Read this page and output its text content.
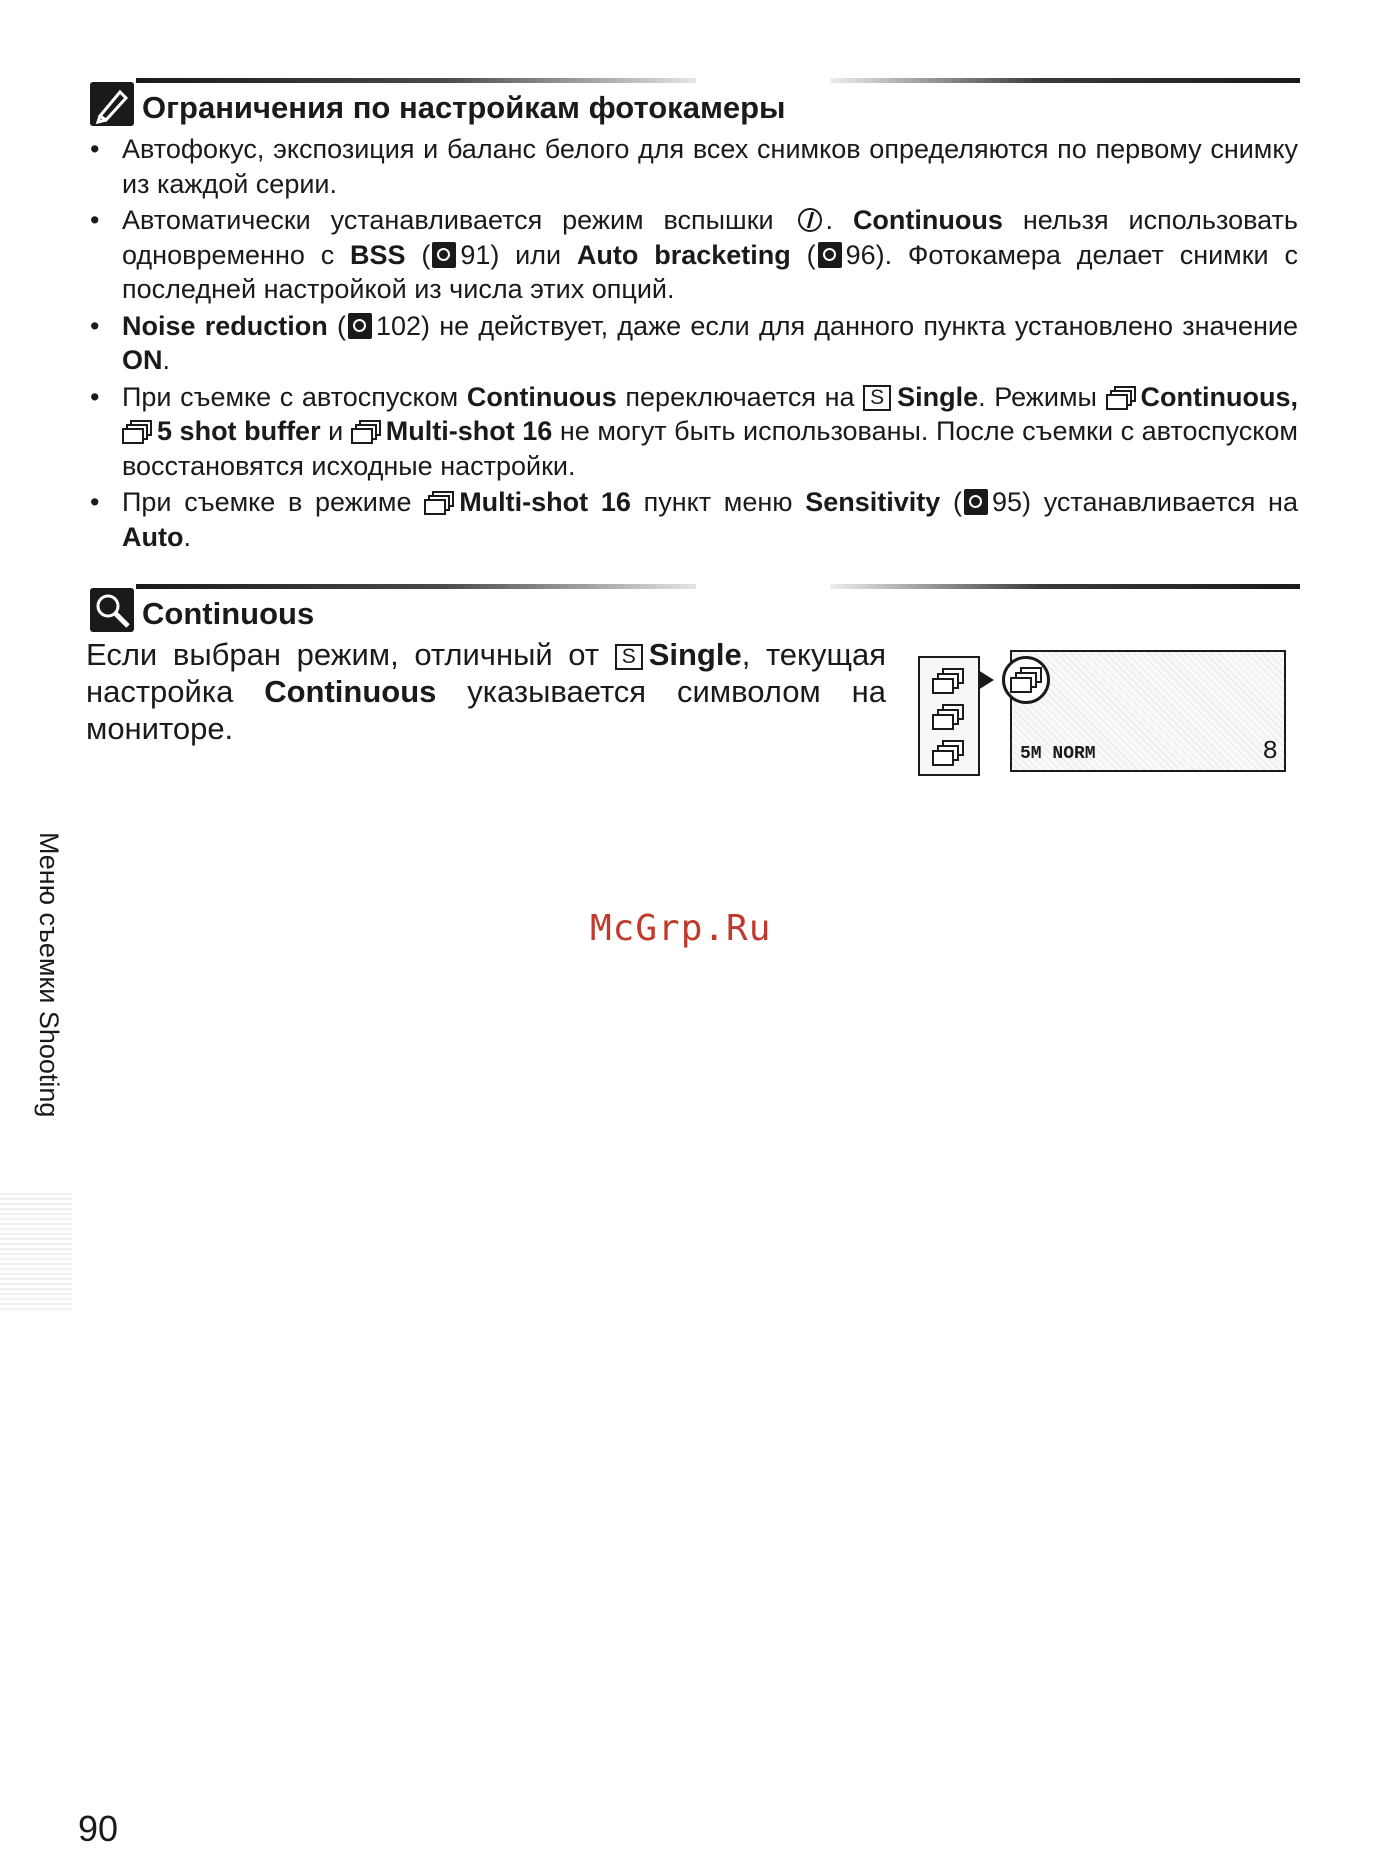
Ограничения по настройкам фотокамеры
• Автофокус, экспозиция и баланс белого для всех снимков определяются по первому снимку из каждой серии.
• Автоматически устанавливается режим вспышки . Continuous нельзя использовать одновременно с BSS ( 91) или Auto bracketing ( 96). Фотокамера делает снимки с последней настройкой из числа этих опций.
• Noise reduction ( 102) не действует, даже если для данного пункта установлено значение ON.
• При съемке с автоспуском Continuous переключается на S Single. Режимы Continuous,
5 shot buffer и Multi-shot 16 не могут быть использованы. После съемки с автоспуском восстановятся исходные настройки.
• При съемке в режиме Multi-shot 16 пункт меню Sensitivity ( 95) устанавливается на Auto.
Continuous
Если выбран режим, отличный от S Single, текущая настройка Continuous указывается символом на мониторе.
5M NORM	8
Меню съемки Shooting	McGrp.Ru
90
